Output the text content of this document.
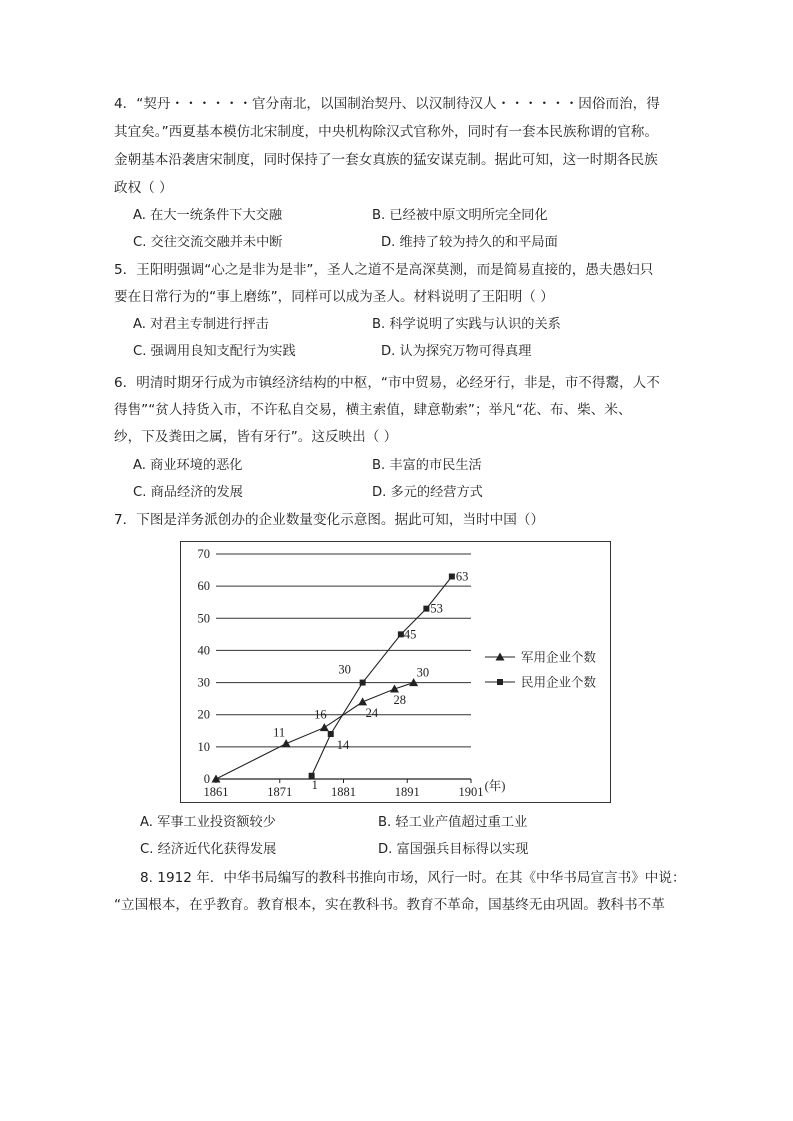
4．“契丹・・・・・・官分南北，以国制治契丹、以汉制待汉人・・・・・・因俗而治，得
其宜矣。”西夏基本模仿北宋制度，中央机构除汉式官称外，同时有一套本民族称谓的官称。
金朝基本沿袭唐宋制度，同时保持了一套女真族的猛安谋克制。据此可知，这一时期各民族
政权（ ）
A. 在大一统条件下大交融	B. 已经被中原文明所完全同化
C. 交往交流交融并未中断	D. 维持了较为持久的和平局面
5．王阳明强调“心之是非为是非”，圣人之道不是高深莫测，而是简易直接的，愚夫愚妇只
要在日常行为的“事上磨练”，同样可以成为圣人。材料说明了王阳明（ ）
A. 对君主专制进行抨击	B. 科学说明了实践与认识的关系
C. 强调用良知支配行为实践	D. 认为探究万物可得真理
6．明清时期牙行成为市镇经济结构的中枢，“市中贸易，必经牙行，非是，市不得鬻，人不
得售”“贫人持货入市，不许私自交易，横主索值，肆意勒索”；举凡“花、布、柴、米、
纱，下及粪田之属，皆有牙行”。这反映出（ ）
A. 商业环境的恶化	B. 丰富的市民生活
C. 商品经济的发展	D. 多元的经营方式
7．下图是洋务派创办的企业数量变化示意图。据此可知，当时中国（）
0
10
20
30
40
50
60
70
1861	1871	1881	1891	1901 (年)
11
16	24
28
30
1
14
30
45
53
63
军用企业个数
民用企业个数
A. 军事工业投资额较少	B. 轻工业产值超过重工业
C. 经济近代化获得发展	D. 富国强兵目标得以实现
8. 1912 年．中华书局编写的教科书推向市场，风行一时。在其《中华书局宣言书》中说：
“立国根本，在乎教育。教育根本，实在教科书。教育不革命，国基终无由巩固。教科书不革
